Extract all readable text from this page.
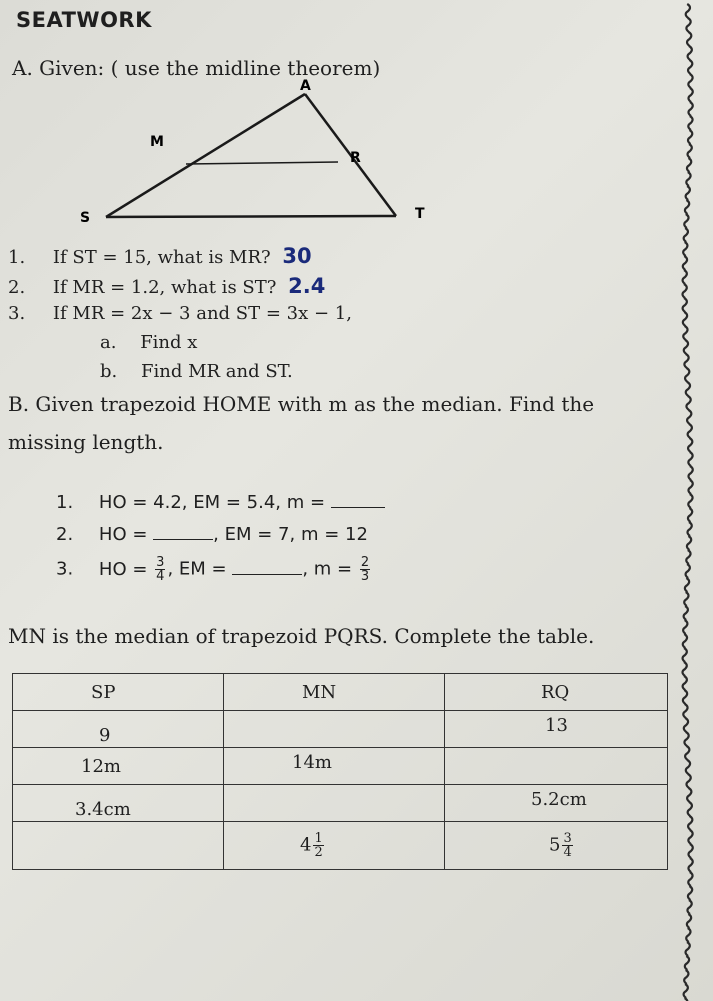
SEATWORK
A. Given: ( use the midline theorem)
A
M
R
S	T
1. If ST = 15, what is MR? 30
2. If MR = 1.2, what is ST? 2.4
3. If MR = 2x − 3 and ST = 3x − 1,
a. Find x
b. Find MR and ST.
B. Given trapezoid HOME with m as the median. Find the
missing length.
1. HO = 4.2, EM = 5.4, m =
2. HO =	, EM = 7, m = 12
3. HO = $\frac{3}{4}$ , EM =	, $m = \frac{2}{3}$
MN is the median of trapezoid PQRS. Complete the table.
SP	MN	RQ
9		13
12m	14m	
3.4cm		5.2cm
	$4 \frac{1}{2}$	$5 \frac{3}{4}$
